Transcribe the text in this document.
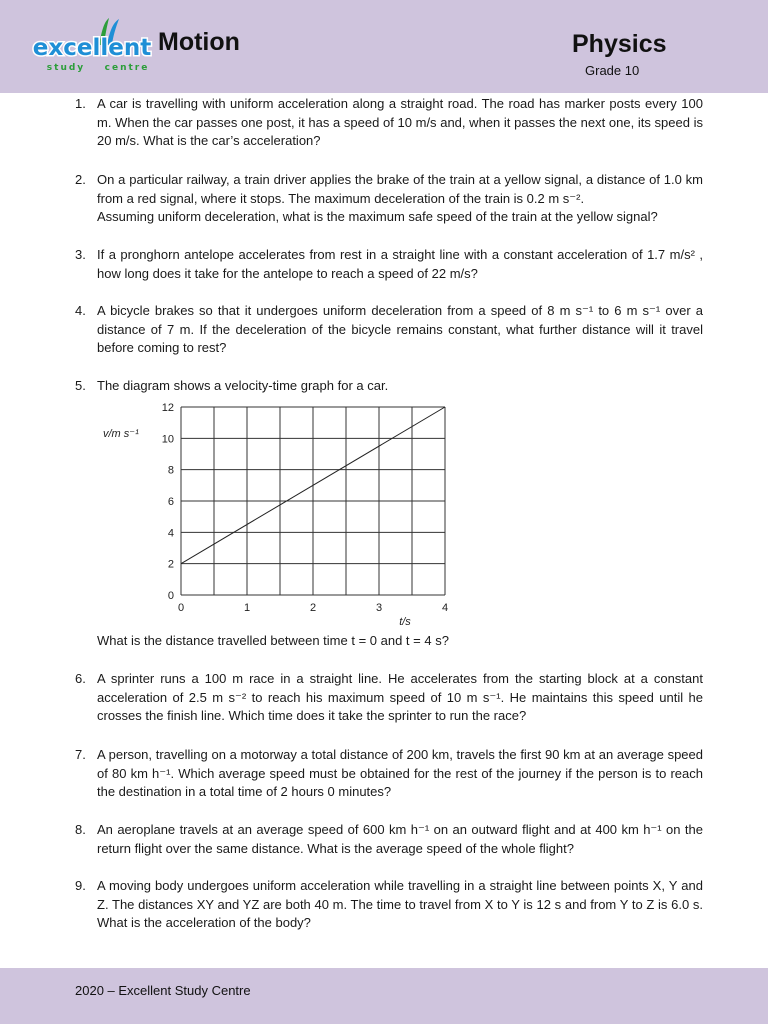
excellent
study centre
Motion	Physics
Grade 10
1. A car is travelling with uniform acceleration along a straight road. The road has marker posts every 100 m. When the car passes one post, it has a speed of 10 m/s and, when it passes the next one, its speed is 20 m/s. What is the car’s acceleration?
2. On a particular railway, a train driver applies the brake of the train at a yellow signal, a distance of 1.0 km from a red signal, where it stops. The maximum deceleration of the train is 0.2 m s⁻².
Assuming uniform deceleration, what is the maximum safe speed of the train at the yellow signal?
3. If a pronghorn antelope accelerates from rest in a straight line with a constant acceleration of 1.7 m/s² , how long does it take for the antelope to reach a speed of 22 m/s?
4. A bicycle brakes so that it undergoes uniform deceleration from a speed of 8 m s⁻¹ to 6 m s⁻¹ over a distance of 7 m. If the deceleration of the bicycle remains constant, what further distance will it travel before coming to rest?
5. The diagram shows a velocity-time graph for a car.
0	1	2	3	4
0
2
4
6
8
10
12
v/m s⁻¹
t/s
What is the distance travelled between time t = 0 and t = 4 s?
6. A sprinter runs a 100 m race in a straight line. He accelerates from the starting block at a constant acceleration of 2.5 m s⁻² to reach his maximum speed of 10 m s⁻¹. He maintains this speed until he crosses the finish line. Which time does it take the sprinter to run the race?
7. A person, travelling on a motorway a total distance of 200 km, travels the first 90 km at an average speed of 80 km h⁻¹. Which average speed must be obtained for the rest of the journey if the person is to reach the destination in a total time of 2 hours 0 minutes?
8. An aeroplane travels at an average speed of 600 km h⁻¹ on an outward flight and at 400 km h⁻¹ on the return flight over the same distance. What is the average speed of the whole flight?
9. A moving body undergoes uniform acceleration while travelling in a straight line between points X, Y and Z. The distances XY and YZ are both 40 m. The time to travel from X to Y is 12 s and from Y to Z is 6.0 s. What is the acceleration of the body?
2020 – Excellent Study Centre
